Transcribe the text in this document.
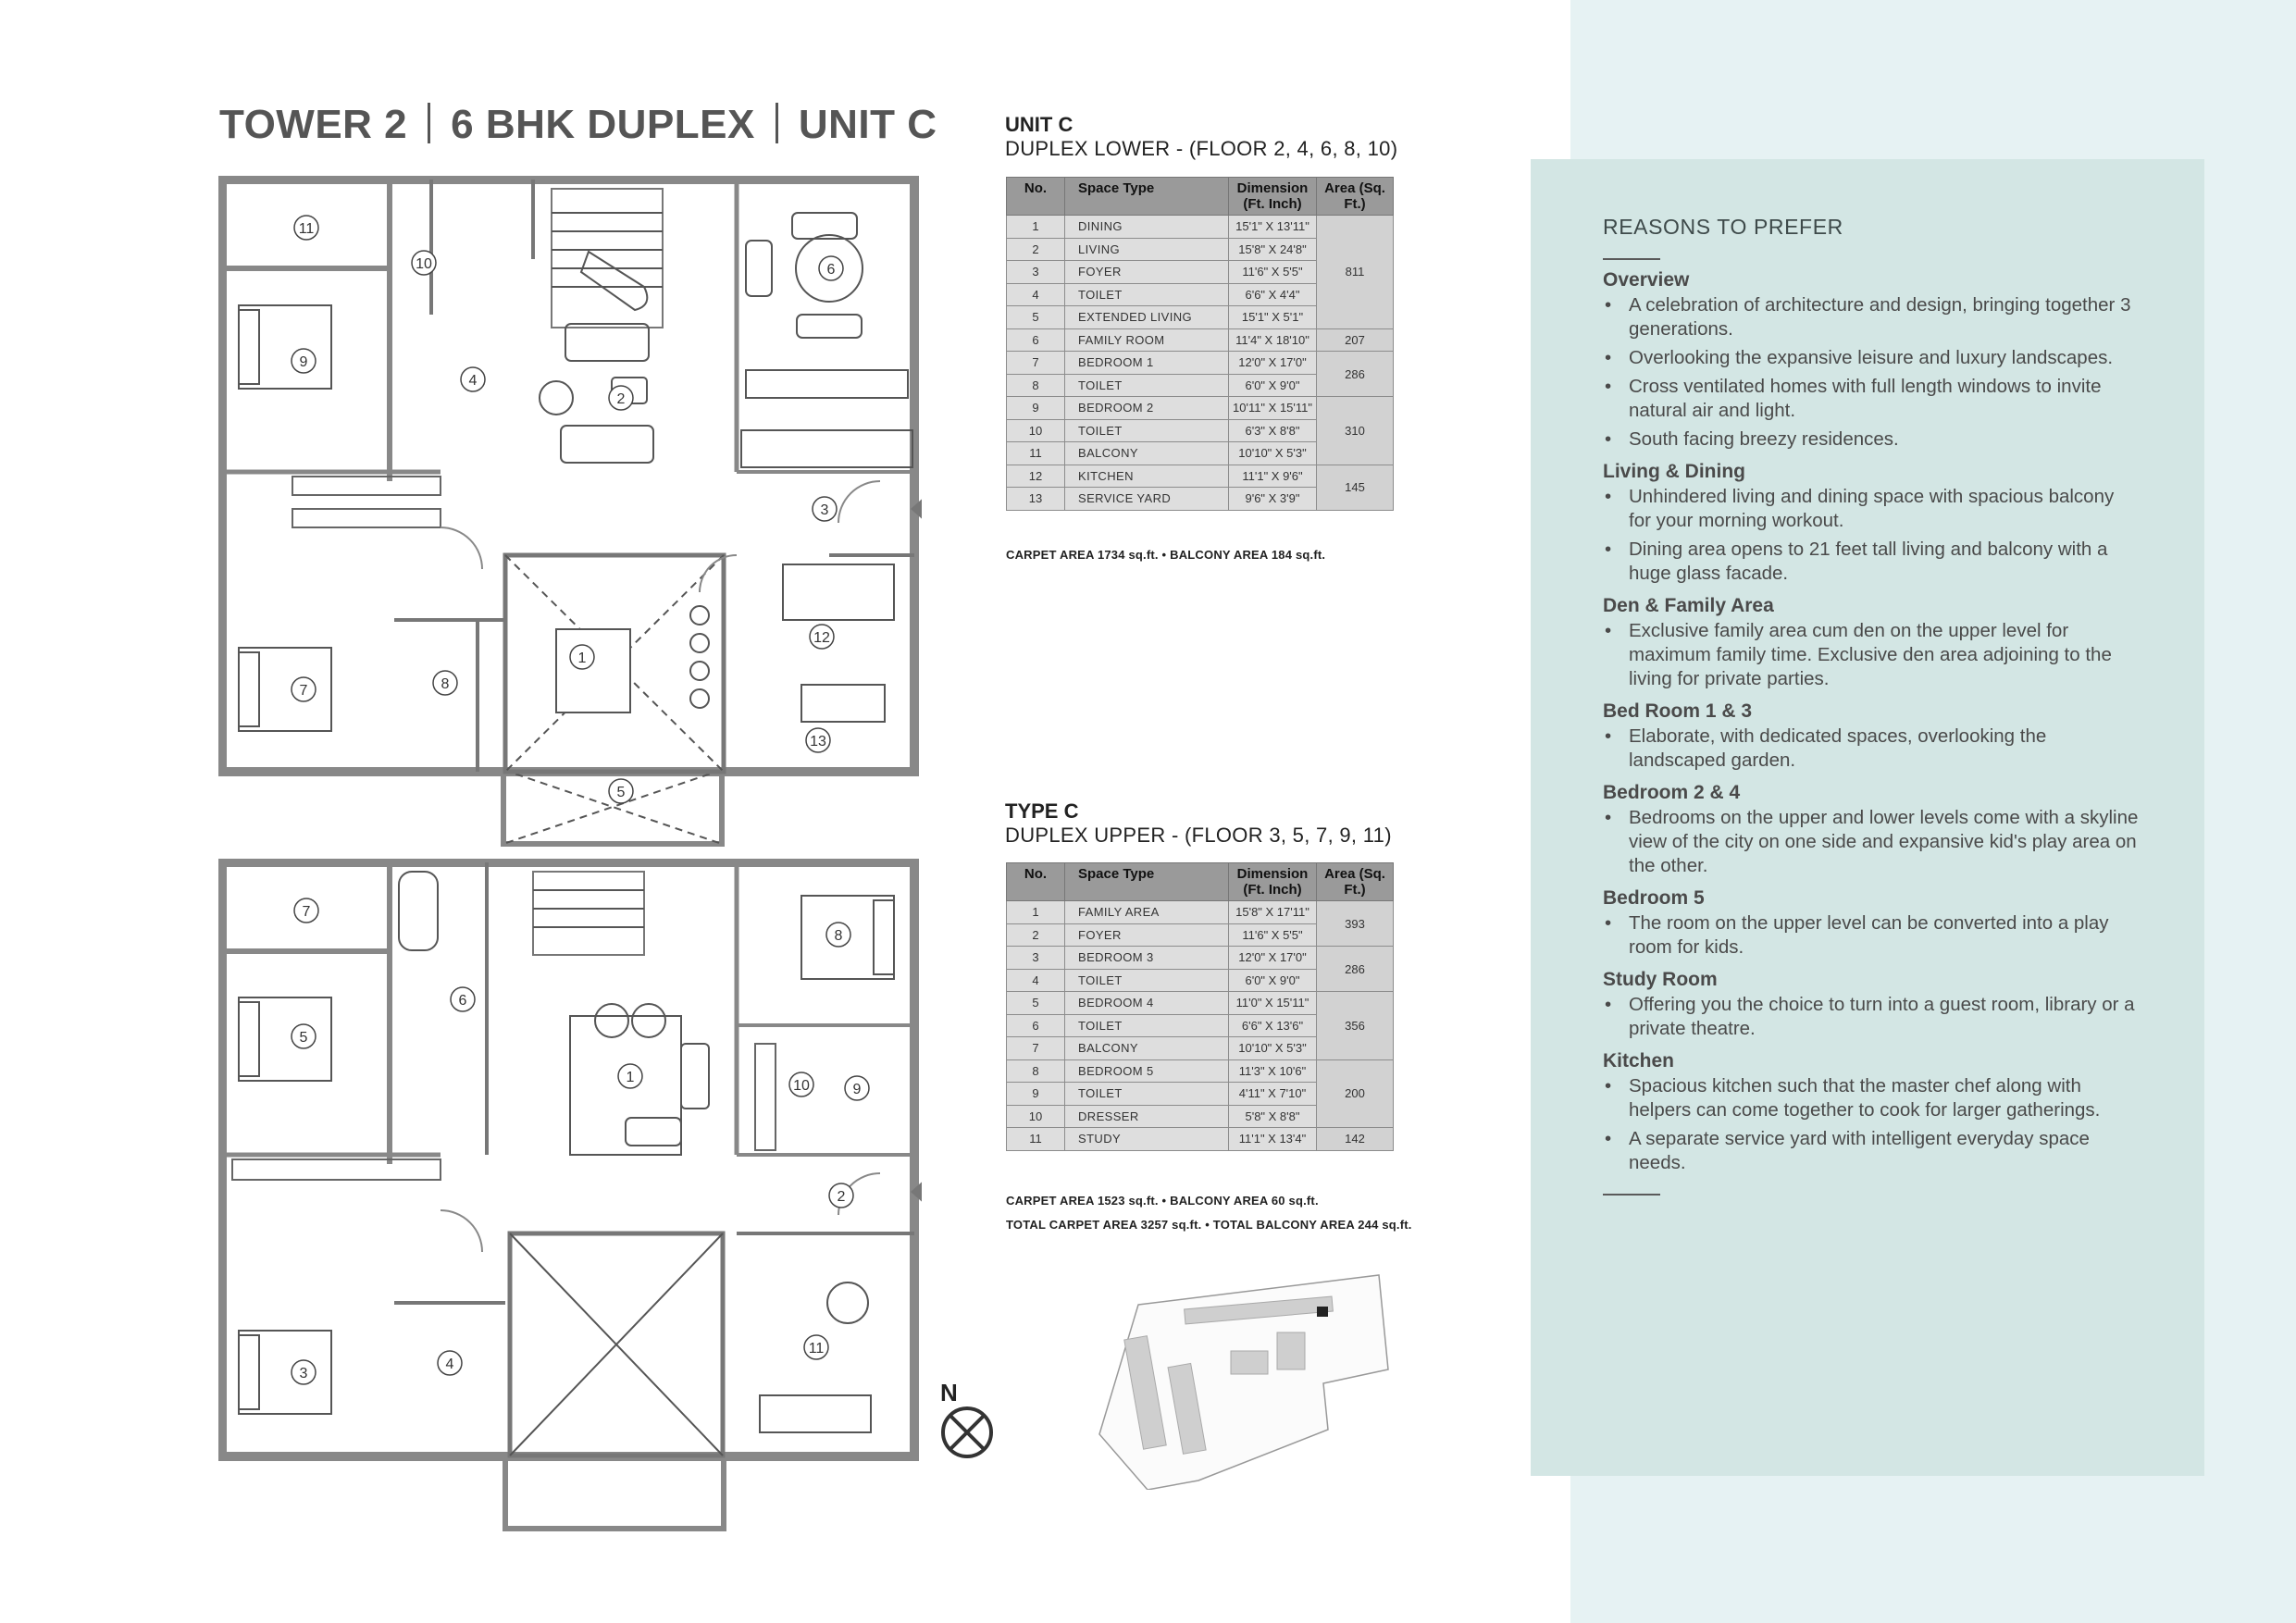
TOWER 2 6 BHK DUPLEX UNIT C
1
2
3
4
5
6
7	8
9
10
11
12
13
1
2
3
4
5
6
7
8
9
10
11
UNIT C
DUPLEX LOWER - (FLOOR 2, 4, 6, 8, 10)
No.	Space Type	Dimension (Ft. Inch)	Area (Sq. Ft.)
1	DINING	15'1" X 13'11"	811
2	LIVING	15'8" X 24'8"	
3	FOYER	11'6" X 5'5"	
4	TOILET	6'6" X 4'4"	
5	EXTENDED LIVING	15'1" X 5'1"	
6	FAMILY ROOM	11'4" X 18'10"	207
7	BEDROOM 1	12'0" X 17'0"	286
8	TOILET	6'0" X 9'0"	
9	BEDROOM 2	10'11" X 15'11"	310
10	TOILET	6'3" X 8'8"	
11	BALCONY	10'10" X 5'3"	
12	KITCHEN	11'1" X 9'6"	145
13	SERVICE YARD	9'6" X 3'9"	
CARPET AREA 1734 sq.ft. • BALCONY AREA 184 sq.ft.
TYPE C
DUPLEX UPPER - (FLOOR 3, 5, 7, 9, 11)
No.	Space Type	Dimension (Ft. Inch)	Area (Sq. Ft.)
1	FAMILY AREA	15'8" X 17'11"	393
2	FOYER	11'6" X 5'5"	
3	BEDROOM 3	12'0" X 17'0"	286
4	TOILET	6'0" X 9'0"	
5	BEDROOM 4	11'0" X 15'11"	356
6	TOILET	6'6" X 13'6"	
7	BALCONY	10'10" X 5'3"	
8	BEDROOM 5	11'3" X 10'6"	200
9	TOILET	4'11" X 7'10"	
10	DRESSER	5'8" X 8'8"	
11	STUDY	11'1" X 13'4"	142
CARPET AREA 1523 sq.ft. • BALCONY AREA 60 sq.ft.
TOTAL CARPET AREA 3257 sq.ft. • TOTAL BALCONY AREA 244 sq.ft.
N
REASONS TO PREFER
Overview
• A celebration of architecture and design, bringing together 3 generations.
• Overlooking the expansive leisure and luxury landscapes.
• Cross ventilated homes with full length windows to invite natural air and light.
• South facing breezy residences.
Living & Dining
• Unhindered living and dining space with spacious balcony for your morning workout.
• Dining area opens to 21 feet tall living and balcony with a huge glass facade.
Den & Family Area
• Exclusive family area cum den on the upper level for maximum family time. Exclusive den area adjoining to the living for private parties.
Bed Room 1 & 3
• Elaborate, with dedicated spaces, overlooking the landscaped garden.
Bedroom 2 & 4
• Bedrooms on the upper and lower levels come with a skyline view of the city on one side and expansive kid's play area on the other.
Bedroom 5
• The room on the upper level can be converted into a play room for kids.
Study Room
• Offering you the choice to turn into a guest room, library or a private theatre.
Kitchen
• Spacious kitchen such that the master chef along with helpers can come together to cook for larger gatherings.
• A separate service yard with intelligent everyday space needs.
